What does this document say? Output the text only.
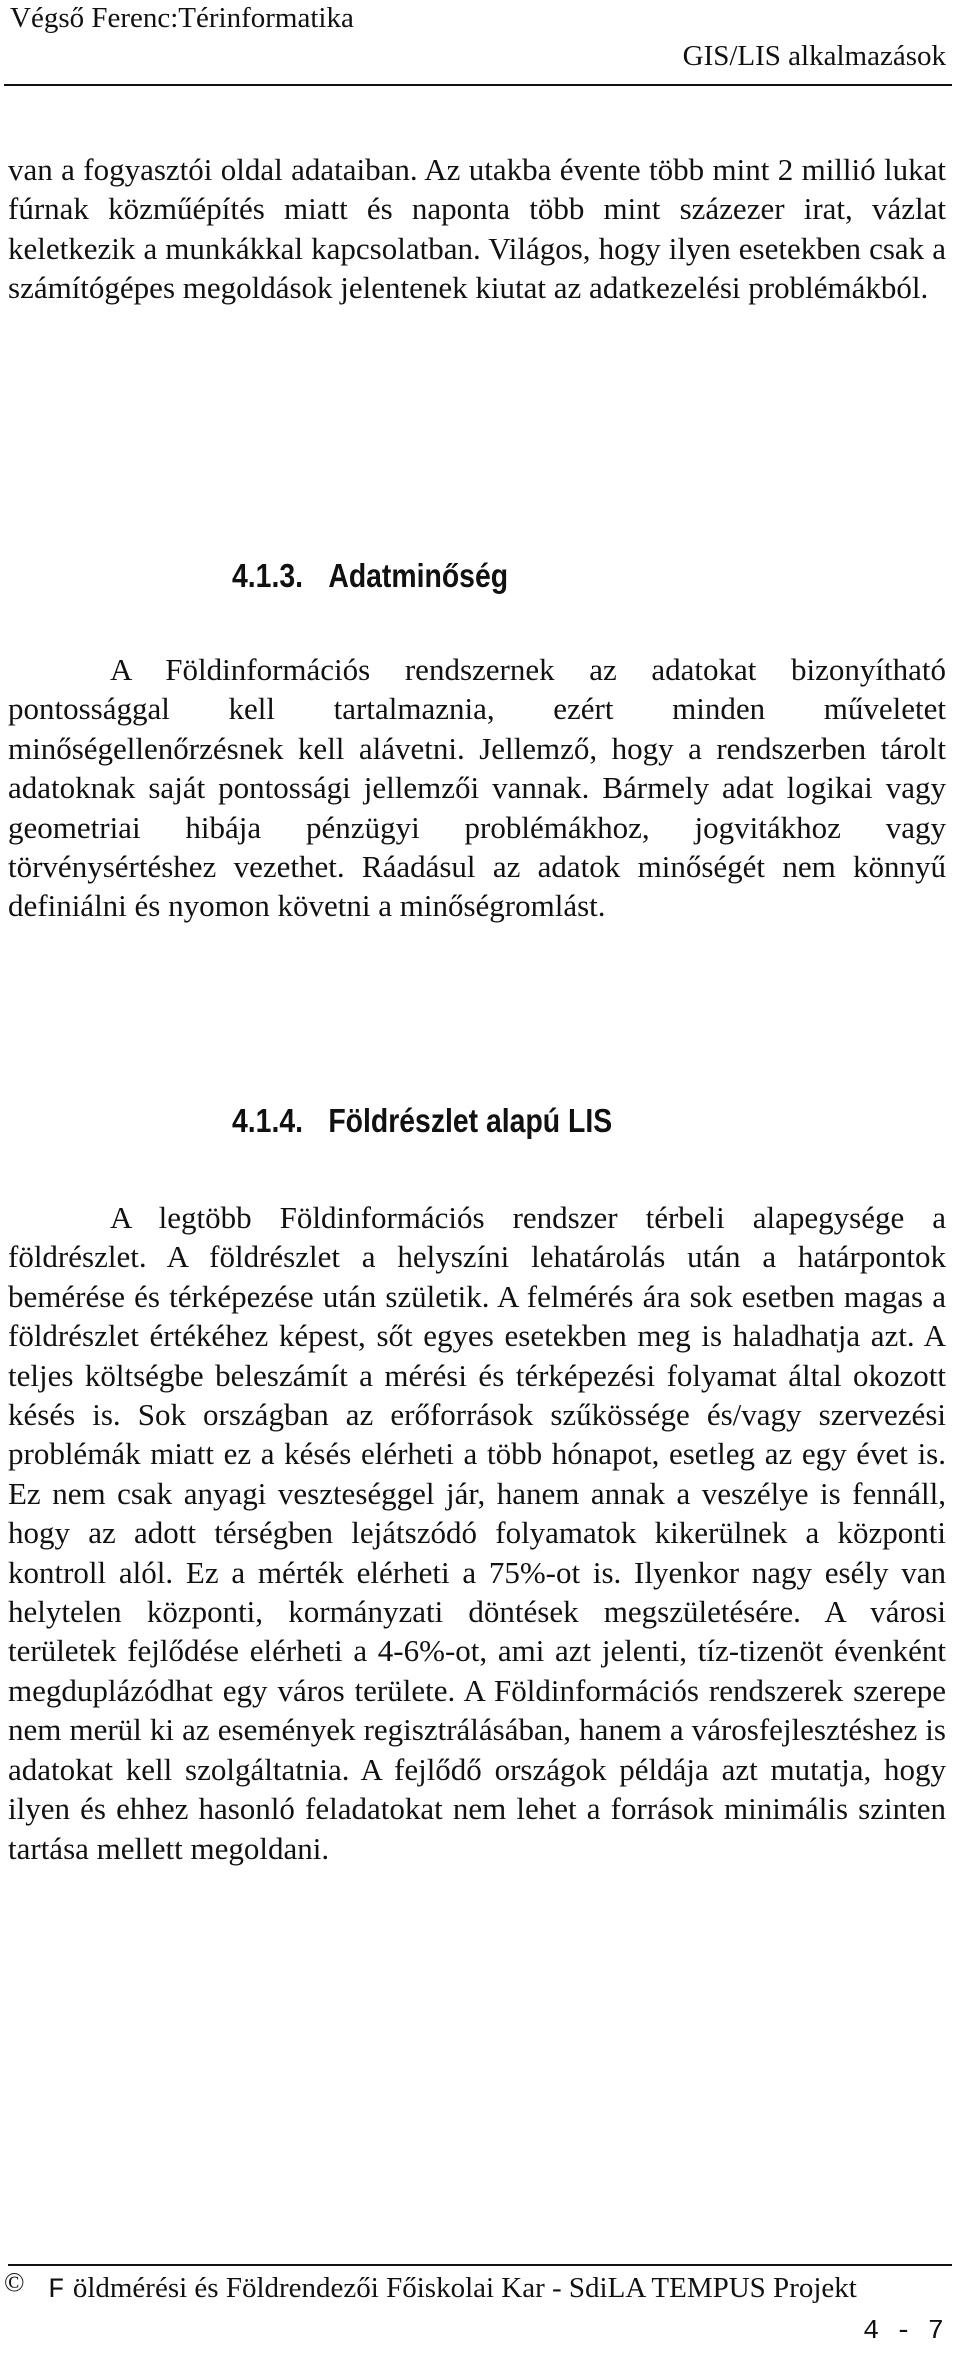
Végső Ferenc:Térinformatika
GIS/LIS alkalmazások

van a fogyasztói oldal adataiban. Az utakba évente több mint 2 millió lukat fúrnak közműépítés miatt és naponta több mint százezer irat, vázlat keletkezik a munkákkal kapcsolatban. Világos, hogy ilyen esetekben csak a számítógépes megoldások jelentenek kiutat az adatkezelési problémákból.

4.1.3. Adatminőség

A Földinformációs rendszernek az adatokat bizonyítható pontossággal kell tartalmaznia, ezért minden műveletet minőségellenőrzésnek kell alávetni. Jellemző, hogy a rendszerben tárolt adatoknak saját pontossági jellemzői vannak. Bármely adat logikai vagy geometriai hibája pénzügyi problémákhoz, jogvitákhoz vagy törvénysértéshez vezethet. Ráadásul az adatok minőségét nem könnyű definiálni és nyomon követni a minőségromlást.

4.1.4. Földrészlet alapú LIS

A legtöbb Földinformációs rendszer térbeli alapegysége a földrészlet. A földrészlet a helyszíni lehatárolás után a határpontok bemérése és térképezése után születik. A felmérés ára sok esetben magas a földrészlet értékéhez képest, sőt egyes esetekben meg is haladhatja azt. A teljes költségbe beleszámít a mérési és térképezési folyamat által okozott késés is. Sok országban az erőforrások szűkössége és/vagy szervezési problémák miatt ez a késés elérheti a több hónapot, esetleg az egy évet is. Ez nem csak anyagi veszteséggel jár, hanem annak a veszélye is fennáll, hogy az adott térségben lejátszódó folyamatok kikerülnek a központi kontroll alól. Ez a mérték elérheti a 75%-ot is. Ilyenkor nagy esély van helytelen központi, kormányzati döntések megszületésére. A városi területek fejlődése elérheti a 4-6%-ot, ami azt jelenti, tíz-tizenöt évenként megduplázódhat egy város területe. A Földinformációs rendszerek szerepe nem merül ki az események regisztrálásában, hanem a városfejlesztéshez is adatokat kell szolgáltatnia. A fejlődő országok példája azt mutatja, hogy ilyen és ehhez hasonló feladatokat nem lehet a források minimális szinten tartása mellett megoldani.

© F öldmérési és Földrendezői Főiskolai Kar - SdiLA TEMPUS Projekt
4 - 7
